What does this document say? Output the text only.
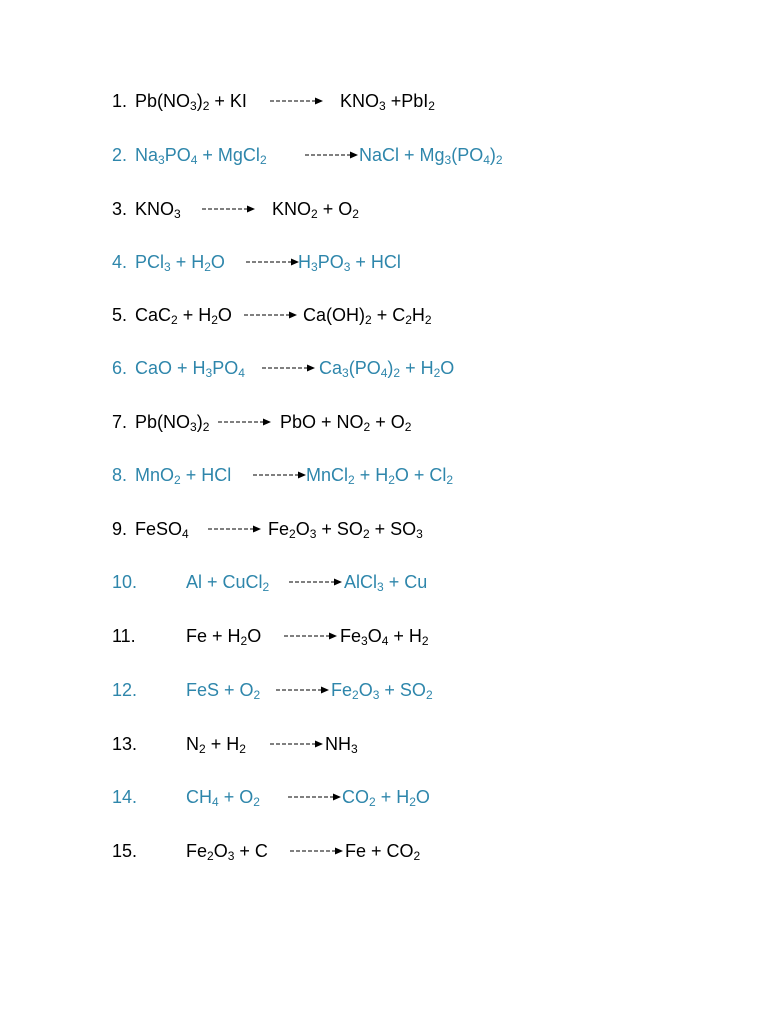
1. $Pb(NO_3)_2$ + KI → $KNO_3 +PbI_2$
2. $Na_3PO_4$ + MgCl$_2$ → NaCl + $Mg_3(PO_4)_2$
3. $KNO_3 \to KNO_2 + O_2$
4. $PCl_3 + H_2O$ →
$H_3PO_3$ + HCl
5. $CaC_2 + H_2O \to Ca(OH)_2 + C_2H_2$
6. CaO + $H_3PO_4 \to Ca_3(PO_4)_2 + H_2O$
7. $Pb(NO_3)_2$ → PbO + $NO_2 + O_2$
8. MnO$_2$ + HCl → MnCl$_2$ + $H_2O + Cl_2$
9. FeSO$_4$ → $Fe_2O_3 + SO_2 + SO_3$
10.	Al + CuCl$_2$ → AlCl$_3$ + Cu
11.	$Fe + H_2O \to Fe_3O_4 + H_2$
12.	FeS + $O_2 \to Fe_2O_3 + SO_2$
13.	$N_2 + H_2 \to NH_3$
14.	$CH_4 + O_2 \to CO_2 + H_2O$
15.	$Fe_2O_3 + C \to Fe + CO_2$
